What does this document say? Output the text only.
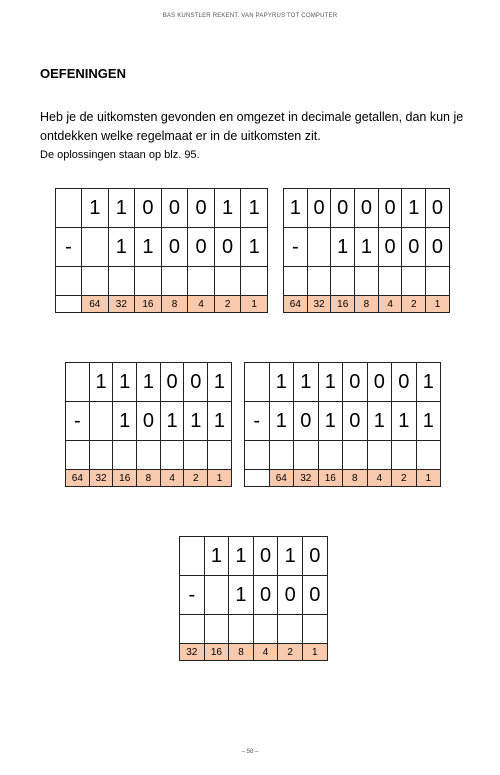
BAS KUNSTLER REKENT. VAN PAPYRUS TOT COMPUTER
OEFENINGEN
Heb je de uitkomsten gevonden en omgezet in decimale getallen, dan kun je ontdekken welke regelmaat er in de uitkomsten zit.
De oplossingen staan op blz. 95.
	1	1	0	0	0	1	1
-		1	1	0	0	0	1

	64	32	16	8	4	2	1
1	0	0	0	0	1	0
-		1	1	0	0	0

64	32	16	8	4	2	1
	1	1	1	0	0	1
-		1	0	1	1	1

64	32	16	8	4	2	1
	1	1	1	0	0	0	1
-	1	0	1	0	1	1	1

	64	32	16	8	4	2	1
	1	1	0	1	0
-		1	0	0	0

32	16	8	4	2	1
– 58 –
